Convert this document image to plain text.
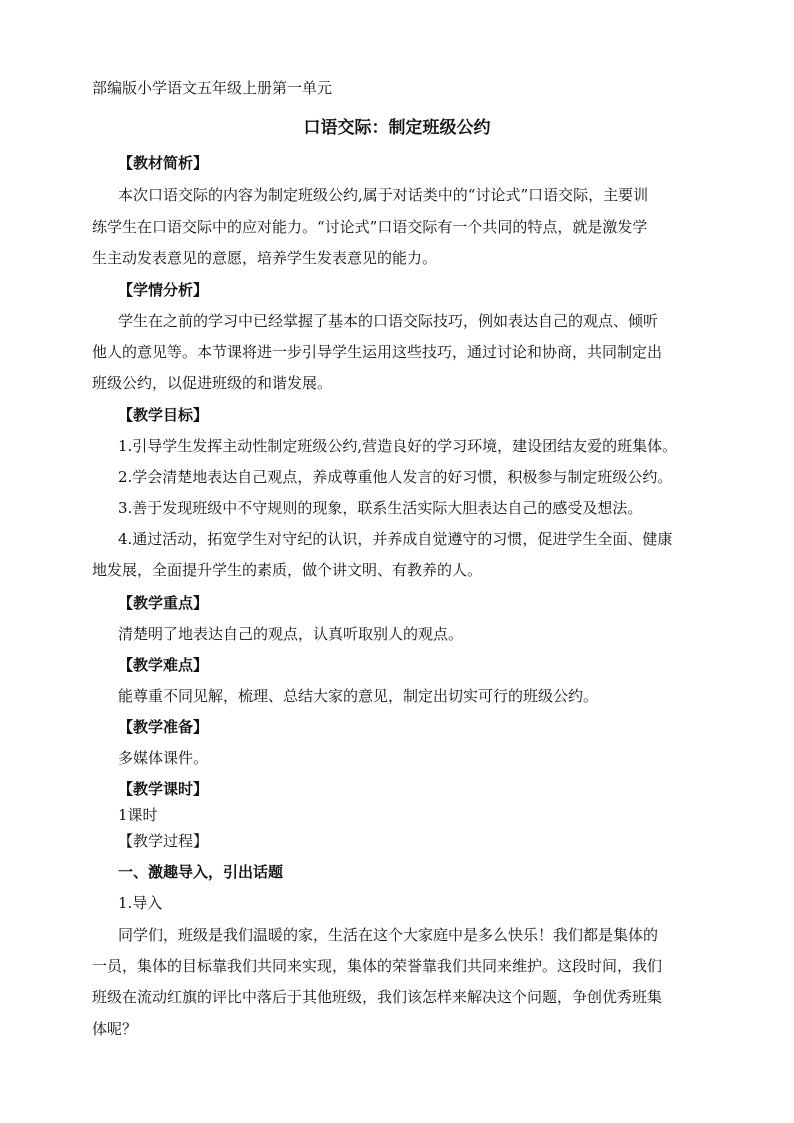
部编版小学语文五年级上册第一单元
口语交际：制定班级公约
【教材简析】
本次口语交际的内容为制定班级公约,属于对话类中的“讨论式”口语交际，主要训
练学生在口语交际中的应对能力。“讨论式”口语交际有一个共同的特点，就是激发学
生主动发表意见的意愿，培养学生发表意见的能力。
【学情分析】
学生在之前的学习中已经掌握了基本的口语交际技巧，例如表达自己的观点、倾听
他人的意见等。本节课将进一步引导学生运用这些技巧，通过讨论和协商，共同制定出
班级公约，以促进班级的和谐发展。
【教学目标】
1.引导学生发挥主动性制定班级公约,营造良好的学习环境，建设团结友爱的班集体。
2.学会清楚地表达自己观点，养成尊重他人发言的好习惯，积极参与制定班级公约。
3.善于发现班级中不守规则的现象，联系生活实际大胆表达自己的感受及想法。
4.通过活动，拓宽学生对守纪的认识，并养成自觉遵守的习惯，促进学生全面、健康
地发展，全面提升学生的素质，做个讲文明、有教养的人。
【教学重点】
清楚明了地表达自己的观点，认真听取别人的观点。
【教学难点】
能尊重不同见解，梳理、总结大家的意见，制定出切实可行的班级公约。
【教学准备】
多媒体课件。
【教学课时】
1课时
【教学过程】
一、激趣导入，引出话题
1.导入
同学们，班级是我们温暖的家，生活在这个大家庭中是多么快乐！我们都是集体的
一员，集体的目标靠我们共同来实现，集体的荣誉靠我们共同来维护。这段时间，我们
班级在流动红旗的评比中落后于其他班级，我们该怎样来解决这个问题，争创优秀班集
体呢？
